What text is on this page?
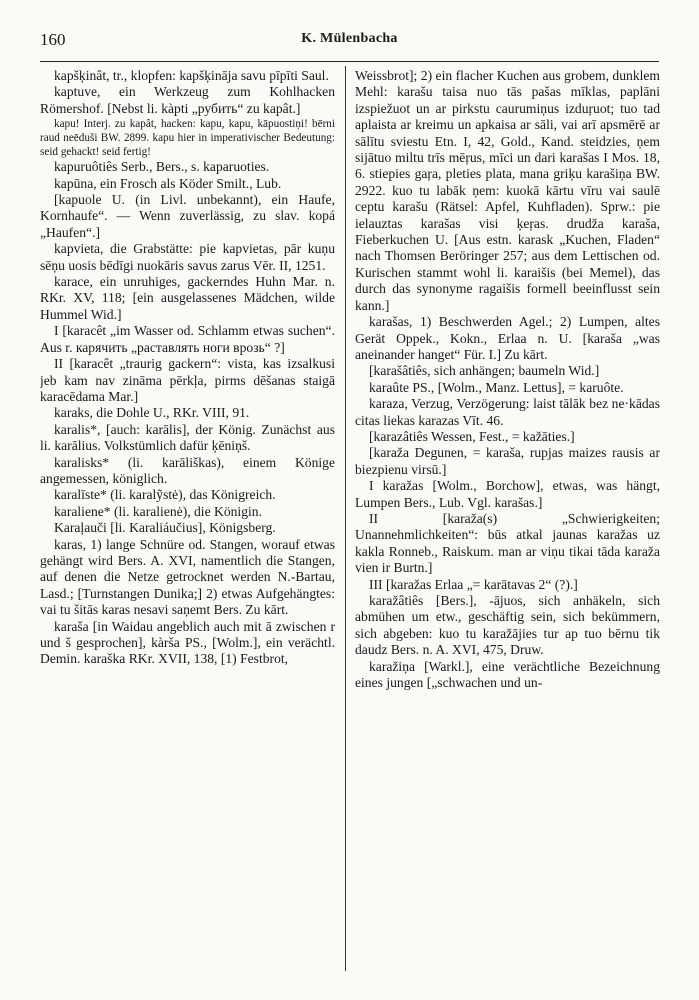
160	K. Mülenbacha

kapšķinât, tr., klopfen: kapšķināja savu pīpīti Saul.

kaptuve, ein Werkzeug zum Kohlhacken Römershof. [Nebst li. kàpti „рубить“ zu kapât.]

kapu! Interj. zu kapât, hacken: kapu, kapu, kāpuostiņi! bērni raud neēduši BW. 2899. kapu hier in imperativischer Bedeutung: seid gehackt! seid fertig!

kapuruôtiês Serb., Bers., s. kaparuoties.

kapūna, ein Frosch als Köder Smilt., Lub.

[kapuole U. (in Livl. unbekannt), ein Haufe, Kornhaufe“. — Wenn zuverlässig, zu slav. kopá „Haufen“.]

kapvieta, die Grabstätte: pie kapvietas, pār kuņu sēņu uosis bēdīgi nuokāris savus zarus Vēr. II, 1251.

karace, ein unruhiges, gackerndes Huhn Mar. n. RKr. XV, 118; [ein ausgelassenes Mädchen, wilde Hummel Wid.]

I [karacêt „im Wasser od. Schlamm etwas suchen“. Aus r. карячить „раставлять ноги врозь“ ?]

II [karacêt „traurig gackern“: vista, kas izsalkusi jeb kam nav zināma pērkļa, pirms dēšanas staigā karacēdama Mar.]

karaks, die Dohle U., RKr. VIII, 91.

karalis*, [auch: karālis], der König. Zunächst aus li. karālius. Volkstümlich dafür ķēniņš.

karalisks* (li. karāliškas), einem Könige angemessen, königlich.

karalīste* (li. karalỹstė), das Königreich.

karaliene* (li. karalienė), die Königin.

Karaļauči [li. Karaliáučius], Königsberg.

karas, 1) lange Schnüre od. Stangen, worauf etwas gehängt wird Bers. A. XVI, namentlich die Stangen, auf denen die Netze getrocknet werden N.-Bartau, Lasd.; [Turnstangen Dunika;] 2) etwas Aufgehängtes: vai tu šitās karas nesavi saņemt Bers. Zu kārt.

karaša [in Waidau angeblich auch mit ā zwischen r und š gesprochen], kàrša PS., [Wolm.], ein verächtl. Demin. karaška RKr. XVII, 138, [1) Festbrot,

Weissbrot]; 2) ein flacher Kuchen aus grobem, dunklem Mehl: karašu taisa nuo tās pašas mīklas, paplāni izspiežuot un ar pirkstu caurumiņus izduŗuot; tuo tad aplaista ar kreimu un apkaisa ar sāli, vai arī apsmērē ar sālītu sviestu Etn. I, 42, Gold., Kand. steidzies, ņem sijātuo miltu trīs mēŗus, mīci un dari karašas I Mos. 18, 6. stiepies gaŗa, pleties plata, mana griķu karašiņa BW. 2922. kuo tu labāk ņem: kuokā kārtu vīru vai saulē ceptu karašu (Rätsel: Apfel, Kuhfladen). Sprw.: pie ielauztas karašas visi ķeŗas. drudža karaša, Fieberkuchen U. [Aus estn. karask „Kuchen, Fladen“ nach Thomsen Beröringer 257; aus dem Lettischen od. Kurischen stammt wohl li. karaišis (bei Memel), das durch das synonyme ragaišis formell beeinflusst sein kann.]

karašas, 1) Beschwerden Agel.; 2) Lumpen, altes Gerät Oppek., Kokn., Erlaa n. U. [karaša „was aneinander hanget“ Für. I.] Zu kārt.

[karašâtiês, sich anhängen; baumeln Wid.]

karaûte PS., [Wolm., Manz. Lettus], = karuôte.

karaza, Verzug, Verzögerung: laist tālāk bez ne·kādas citas liekas karazas Vīt. 46.

[karazâtiês Wessen, Fest., = kažāties.]

[karaža Degunen, = karaša, rupjas maizes rausis ar biezpienu virsū.]

I karažas [Wolm., Borchow], etwas, was hängt, Lumpen Bers., Lub. Vgl. karašas.]

II [karaža(s) „Schwierigkeiten; Unannehmlichkeiten“: būs atkal jaunas karažas uz kakla Ronneb., Raiskum. man ar viņu tikai tāda karaža vien ir Burtn.]

III [karažas Erlaa „= karātavas 2“ (?).]

karažâtiês [Bers.], -ājuos, sich anhäkeln, sich abmühen um etw., geschäftig sein, sich bekümmern, sich abgeben: kuo tu karažājies tur ap tuo bērnu tik daudz Bers. n. A. XVI, 475, Druw.

karažiņa [Warkl.], eine verächtliche Bezeichnung eines jungen [„schwachen und un-
